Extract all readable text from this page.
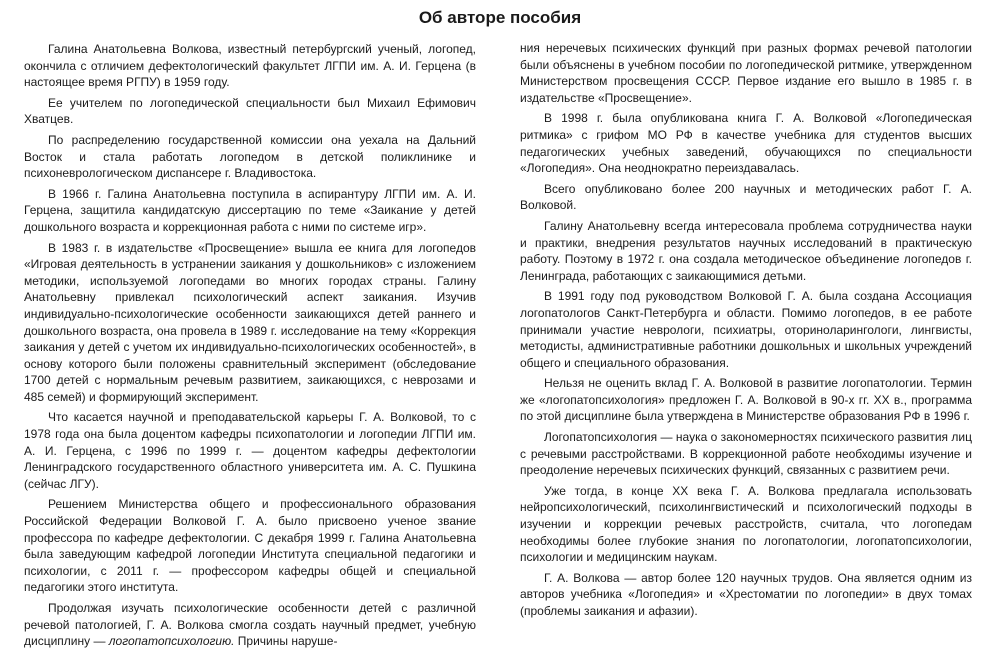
Об авторе пособия

Галина Анатольевна Волкова, известный петербургский ученый, логопед, окончила с отличием дефектологический факультет ЛГПИ им. А. И. Герцена (в настоящее время РГПУ) в 1959 году.

Ее учителем по логопедической специальности был Михаил Ефимович Хватцев.

По распределению государственной комиссии она уехала на Дальний Восток и стала работать логопедом в детской поликлинике и психоневрологическом диспансере г. Владивостока.

В 1966 г. Галина Анатольевна поступила в аспирантуру ЛГПИ им. А. И. Герцена, защитила кандидатскую диссертацию по теме «Заикание у детей дошкольного возраста и коррекционная работа с ними по системе игр».

В 1983 г. в издательстве «Просвещение» вышла ее книга для логопедов «Игровая деятельность в устранении заикания у дошкольников» с изложением методики, используемой логопедами во многих городах страны. Галину Анатольевну привлекал психологический аспект заикания. Изучив индивидуально-психологические особенности заикающихся детей раннего и дошкольного возраста, она провела в 1989 г. исследование на тему «Коррекция заикания у детей с учетом их индивидуально-психологических особенностей», в основу которого были положены сравнительный эксперимент (обследование 1700 детей с нормальным речевым развитием, заикающихся, с неврозами и 485 семей) и формирующий эксперимент.

Что касается научной и преподавательской карьеры Г. А. Волковой, то с 1978 года она была доцентом кафедры психопатологии и логопедии ЛГПИ им. А. И. Герцена, с 1996 по 1999 г. — доцентом кафедры дефектологии Ленинградского государственного областного университета им. А. С. Пушкина (сейчас ЛГУ).

Решением Министерства общего и профессионального образования Российской Федерации Волковой Г. А. было присвоено ученое звание профессора по кафедре дефектологии. С декабря 1999 г. Галина Анатольевна была заведующим кафедрой логопедии Института специальной педагогики и психологии, с 2011 г. — профессором кафедры общей и специальной педагогики этого института.

Продолжая изучать психологические особенности детей с различной речевой патологией, Г. А. Волкова смогла создать научный предмет, учебную дисциплину — логопатопсихологию. Причины наруше-

ния неречевых психических функций при разных формах речевой патологии были объяснены в учебном пособии по логопедической ритмике, утвержденном Министерством просвещения СССР. Первое издание его вышло в 1985 г. в издательстве «Просвещение».

В 1998 г. была опубликована книга Г. А. Волковой «Логопедическая ритмика» с грифом МО РФ в качестве учебника для студентов высших педагогических учебных заведений, обучающихся по специальности «Логопедия». Она неоднократно переиздавалась.

Всего опубликовано более 200 научных и методических работ Г. А. Волковой.

Галину Анатольевну всегда интересовала проблема сотрудничества науки и практики, внедрения результатов научных исследований в практическую работу. Поэтому в 1972 г. она создала методическое объединение логопедов г. Ленинграда, работающих с заикающимися детьми.

В 1991 году под руководством Волковой Г. А. была создана Ассоциация логопатологов Санкт-Петербурга и области. Помимо логопедов, в ее работе принимали участие неврологи, психиатры, оториноларингологи, лингвисты, методисты, административные работники дошкольных и школьных учреждений общего и специального образования.

Нельзя не оценить вклад Г. А. Волковой в развитие логопатологии. Термин же «логопатопсихология» предложен Г. А. Волковой в 90-х гг. XX в., программа по этой дисциплине была утверждена в Министерстве образования РФ в 1996 г.

Логопатопсихология — наука о закономерностях психического развития лиц с речевыми расстройствами. В коррекционной работе необходимы изучение и преодоление неречевых психических функций, связанных с развитием речи.

Уже тогда, в конце XX века Г. А. Волкова предлагала использовать нейропсихологический, психолингвистический и психологический подходы в изучении и коррекции речевых расстройств, считала, что логопедам необходимы более глубокие знания по логопатологии, логопатопсихологии, психологии и медицинским наукам.

Г. А. Волкова — автор более 120 научных трудов. Она является одним из авторов учебника «Логопедия» и «Хрестоматии по логопедии» в двух томах (проблемы заикания и афазии).
